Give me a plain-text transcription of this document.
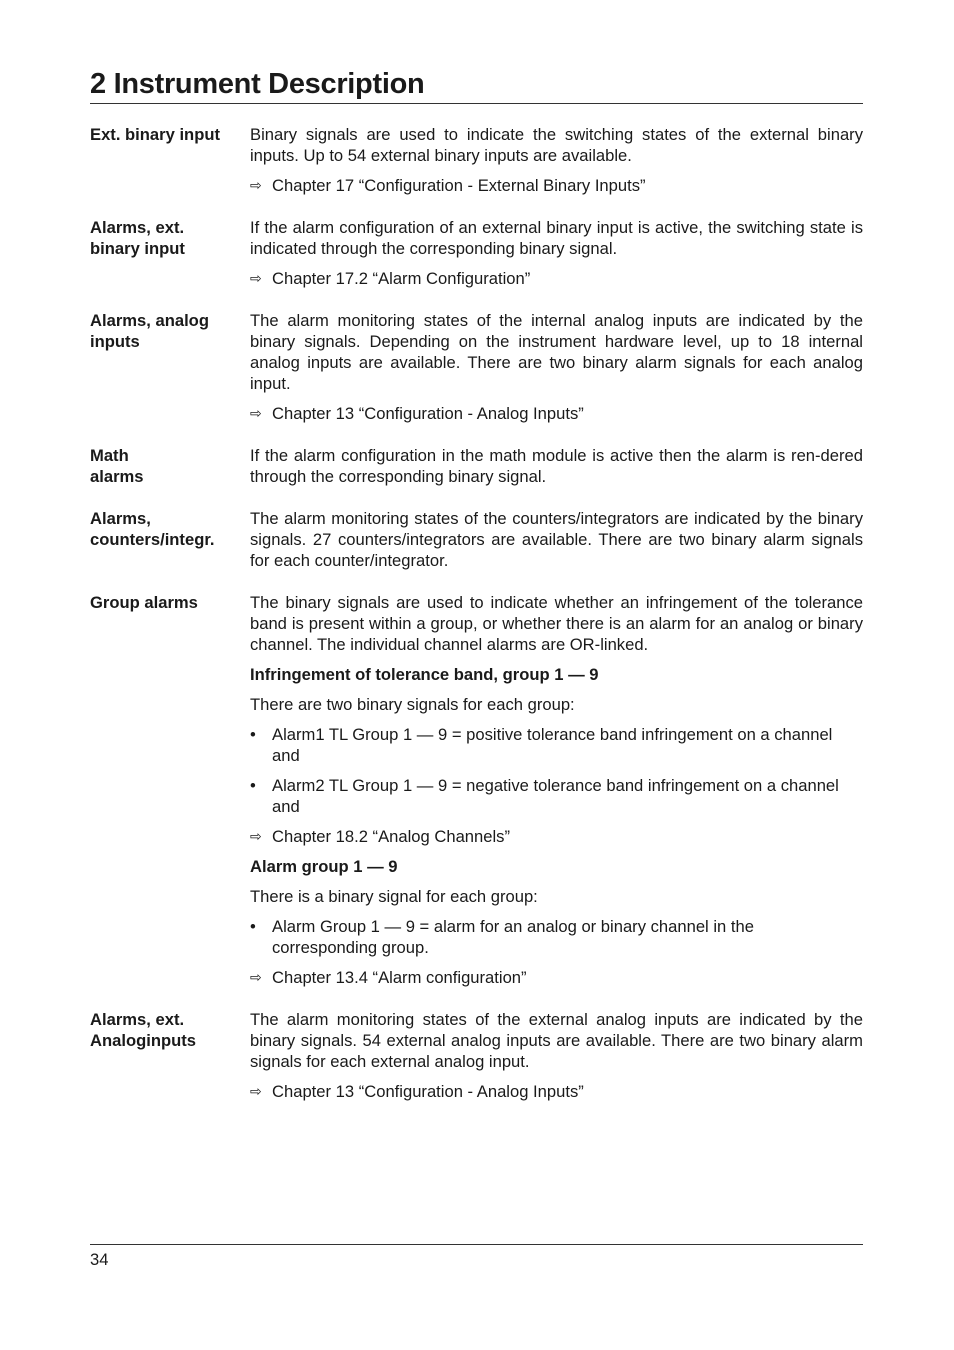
2 Instrument Description
Ext. binary input	Binary signals are used to indicate the switching states of the external binary inputs. Up to 54 external binary inputs are available.

⇨ Chapter 17 “Configuration - External Binary Inputs”
Alarms, ext.
binary input

If the alarm configuration of an external binary input is active, the switching state is indicated through the corresponding binary signal.

⇨ Chapter 17.2 “Alarm Configuration”
Alarms, analog
inputs

The alarm monitoring states of the internal analog inputs are indicated by the binary signals. Depending on the instrument hardware level, up to 18 internal analog inputs are available. There are two binary alarm signals for each analog input.

⇨ Chapter 13 “Configuration - Analog Inputs”
Math
alarms

If the alarm configuration in the math module is active then the alarm is ren-dered through the corresponding binary signal.

Alarms,
counters/integr.

The alarm monitoring states of the counters/integrators are indicated by the binary signals. 27 counters/integrators are available. There are two binary alarm signals for each counter/integrator.

Group alarms	The binary signals are used to indicate whether an infringement of the tolerance band is present within a group, or whether there is an alarm for an analog or binary channel. The individual channel alarms are OR-linked.

Infringement of tolerance band, group 1 — 9

There are two binary signals for each group:

• Alarm1 TL Group 1 — 9 = positive tolerance band infringement on a channel and
• Alarm2 TL Group 1 — 9 = negative tolerance band infringement on a channel and
⇨ Chapter 18.2 “Analog Channels”

Alarm group 1 — 9

There is a binary signal for each group:

• Alarm Group 1 — 9 = alarm for an analog or binary channel in the corresponding group.
⇨ Chapter 13.4 “Alarm configuration”
Alarms, ext.
Analoginputs

The alarm monitoring states of the external analog inputs are indicated by the binary signals. 54 external analog inputs are available. There are two binary alarm signals for each external analog input.

⇨ Chapter 13 “Configuration - Analog Inputs”
34
